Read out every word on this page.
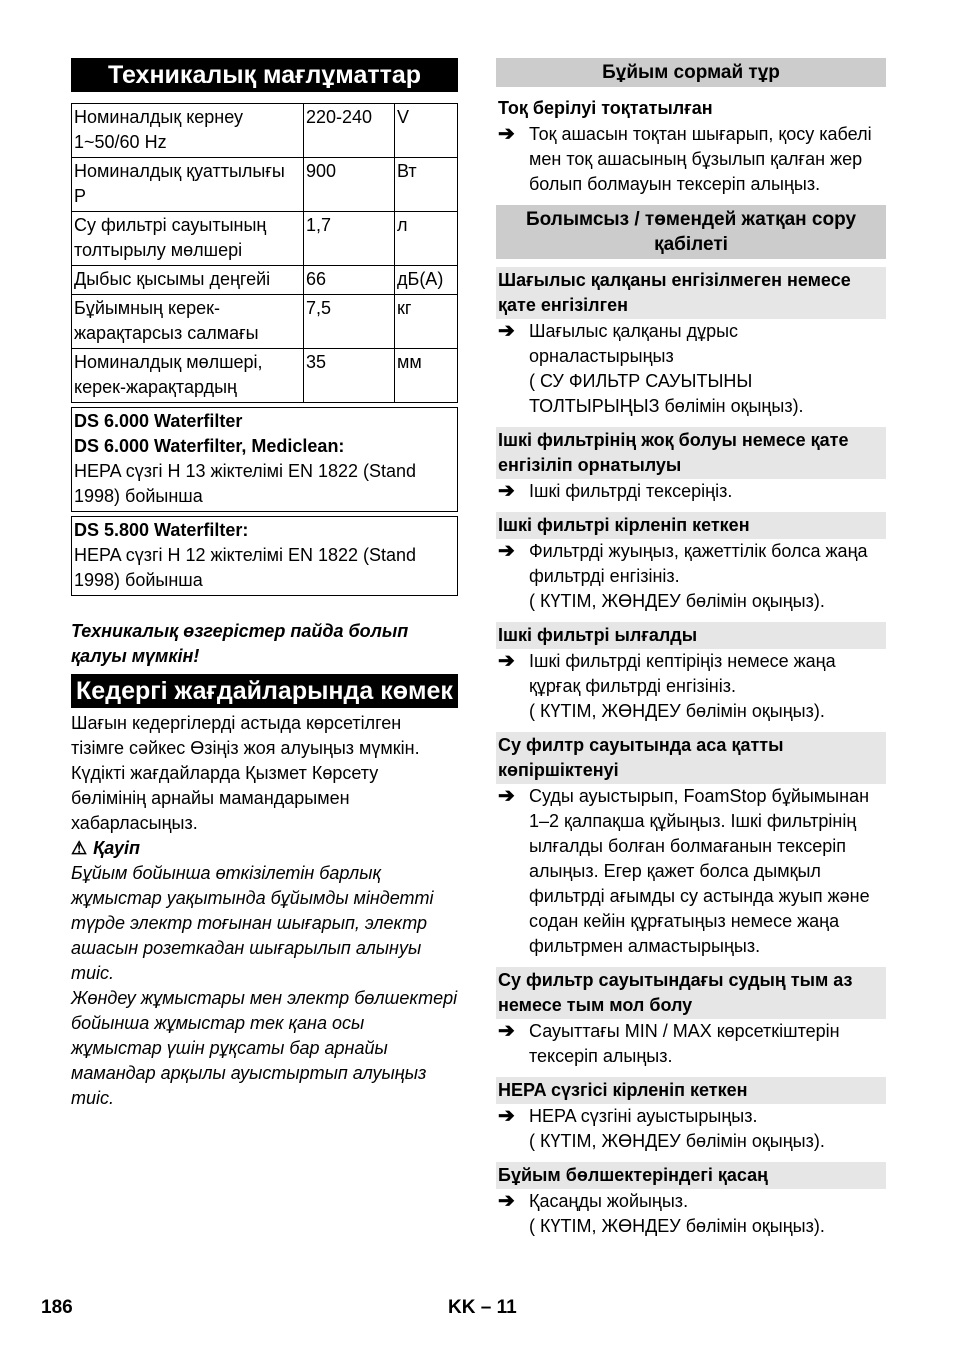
Техникалық мағлұматтар
Номиналдық кернеу 1~50/60 Hz	220-240	V
Номиналдық қуаттылығы P	900	Вт
Су фильтрі сауытының толтырылу мөлшері	1,7	л
Дыбыс қысымы деңгейі	66	дБ(A)
Бұйымның керек-жарақтарсыз салмағы	7,5	кг
Номиналдық мөлшері, керек-жарақтардың	35	мм
DS 6.000 Waterfilter
DS 6.000 Waterfilter, Mediclean:
HEPA сүзгі H 13 жіктелімі EN 1822 (Stand 1998) бойынша
DS 5.800 Waterfilter:
HEPA сүзгі H 12 жіктелімі EN 1822 (Stand 1998) бойынша
Техникалық өзгерістер пайда болып қалуы мүмкін!
Кедергі жағдайларында көмек
Шағын кедергілерді астыда көрсетілген тізімге сәйкес Өзіңіз жоя алуыңыз мүмкін.
Күдікті жағдайларда Қызмет Көрсету бөлімінің арнайы мамандарымен хабарласыңыз.
⚠ Қауіп
Бұйым бойынша өткізілетін барлық жұмыстар уақытында бұйымды міндетті түрде электр тоғынан шығарып, электр ашасын розеткадан шығарылып алынуы тиіс.
Жөндеу жұмыстары мен электр бөлшектері бойынша жұмыстар тек қана осы жұмыстар үшін рұқсаты бар арнайы мамандар арқылы ауыстыртып алуыңыз тиіс.
Бұйым сормай тұр
Тоқ берілуі тоқтатылған
➔ Тоқ ашасын тоқтан шығарып, қосу кабелі мен тоқ ашасының бұзылып қалған жер болып болмауын тексеріп алыңыз.
Болымсыз / төмендей жатқан сору қабілеті
Шағылыс қалқаны енгізілмеген немесе қате енгізілген
➔ Шағылыс қалқаны дұрыс орналастырыңыз
( СУ ФИЛЬТР САУЫТЫНЫ ТОЛТЫРЫҢЫЗ бөлімін оқыңыз).
Ішкі фильтрінің жоқ болуы немесе қате енгізіліп орнатылуы
➔ Ішкі фильтрді тексеріңіз.
Ішкі фильтрі кірленіп кеткен
➔ Фильтрді жуыңыз, қажеттілік болса жаңа фильтрді енгізініз.
( КҮТІМ, ЖӨНДЕУ бөлімін оқыңыз).
Ішкі фильтрі ылғалды
➔ Ішкі фильтрді кептіріңіз немесе жаңа құрғақ фильтрді енгізініз.
( КҮТІМ, ЖӨНДЕУ бөлімін оқыңыз).
Су филтр сауытында аса қатты көпіршіктенуі
➔ Суды ауыстырып, FoamStop бұйымынан 1–2 қалпақша құйыңыз. Ішкі фильтрінің ылғалды болған болмағанын тексеріп алыңыз. Егер қажет болса дымқыл фильтрді ағымды су астында жуып және содан кейін құрғатыңыз немесе жаңа фильтрмен алмастырыңыз.
Су фильтр сауытындағы судың тым аз немесе тым мол болу
➔ Сауыттағы MIN / MAX көрсеткіштерін тексеріп алыңыз.
HEPA сүзгісі кірленіп кеткен
➔ HEPA сүзгіні ауыстырыңыз.
( КҮТІМ, ЖӨНДЕУ бөлімін оқыңыз).
Бұйым бөлшектеріндегі қасаң
➔ Қасаңды жойыңыз.
( КҮТІМ, ЖӨНДЕУ бөлімін оқыңыз).
186	KK – 11
